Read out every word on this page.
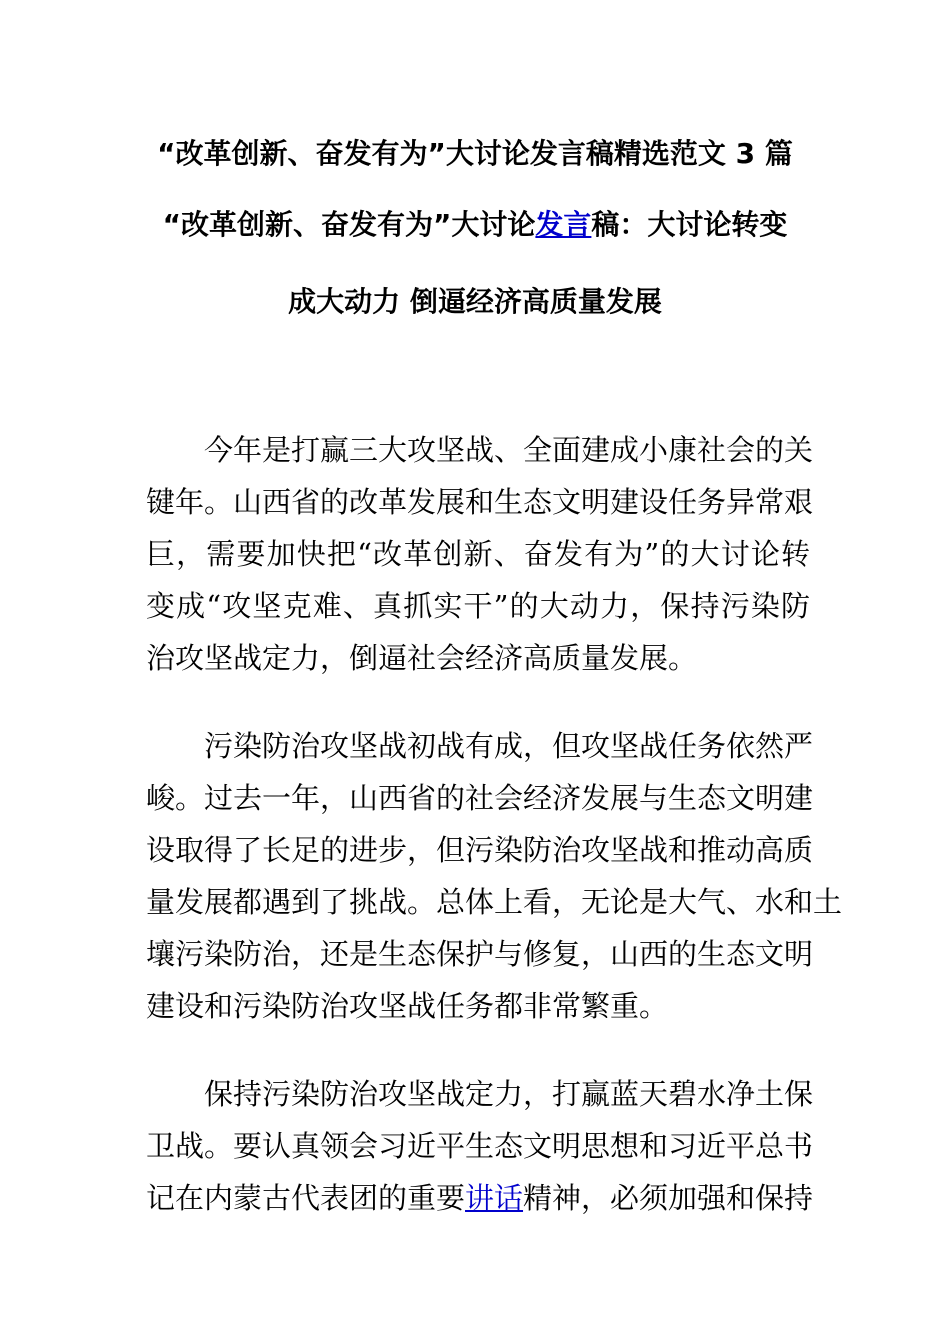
“改革创新、奋发有为”大讨论发言稿精选范文 3 篇
“改革创新、奋发有为”大讨论发言稿：大讨论转变
成大动力 倒逼经济高质量发展
今年是打赢三大攻坚战、全面建成小康社会的关
键年。山西省的改革发展和生态文明建设任务异常艰
巨，需要加快把“改革创新、奋发有为”的大讨论转
变成“攻坚克难、真抓实干”的大动力，保持污染防
治攻坚战定力，倒逼社会经济高质量发展。
污染防治攻坚战初战有成，但攻坚战任务依然严
峻。过去一年，山西省的社会经济发展与生态文明建
设取得了长足的进步，但污染防治攻坚战和推动高质
量发展都遇到了挑战。总体上看，无论是大气、水和土
壤污染防治，还是生态保护与修复，山西的生态文明
建设和污染防治攻坚战任务都非常繁重。
保持污染防治攻坚战定力，打赢蓝天碧水净土保
卫战。要认真领会习近平生态文明思想和习近平总书
记在内蒙古代表团的重要讲话精神，必须加强和保持
